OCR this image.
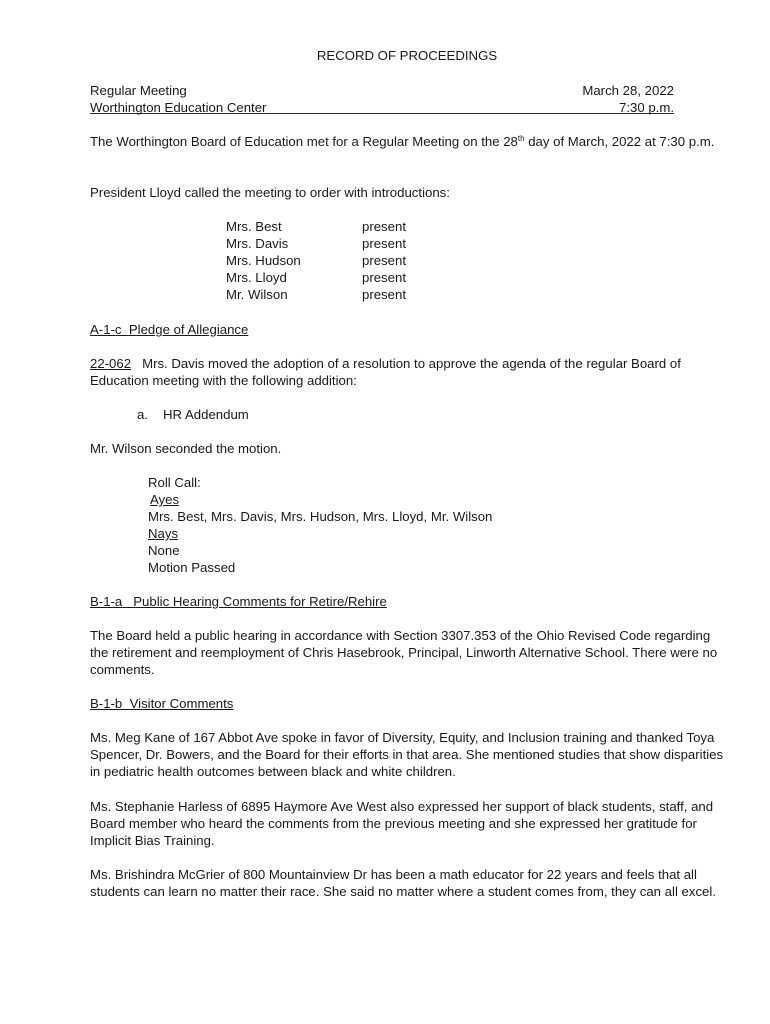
RECORD OF PROCEEDINGS
Regular Meeting
Worthington Education Center
March 28, 2022
7:30 p.m.
The Worthington Board of Education met for a Regular Meeting on the 28th day of March, 2022 at 7:30 p.m.
President Lloyd called the meeting to order with introductions:
Mrs. Best	present
Mrs. Davis	present
Mrs. Hudson	present
Mrs. Lloyd	present
Mr. Wilson	present
A-1-c Pledge of Allegiance
22-062 Mrs. Davis moved the adoption of a resolution to approve the agenda of the regular Board of Education meeting with the following addition:
a. HR Addendum
Mr. Wilson seconded the motion.
Roll Call:
Ayes
Mrs. Best, Mrs. Davis, Mrs. Hudson, Mrs. Lloyd, Mr. Wilson
Nays
None
Motion Passed
B-1-a Public Hearing Comments for Retire/Rehire
The Board held a public hearing in accordance with Section 3307.353 of the Ohio Revised Code regarding the retirement and reemployment of Chris Hasebrook, Principal, Linworth Alternative School. There were no comments.
B-1-b Visitor Comments
Ms. Meg Kane of 167 Abbot Ave spoke in favor of Diversity, Equity, and Inclusion training and thanked Toya Spencer, Dr. Bowers, and the Board for their efforts in that area. She mentioned studies that show disparities in pediatric health outcomes between black and white children.
Ms. Stephanie Harless of 6895 Haymore Ave West also expressed her support of black students, staff, and Board member who heard the comments from the previous meeting and she expressed her gratitude for Implicit Bias Training.
Ms. Brishindra McGrier of 800 Mountainview Dr has been a math educator for 22 years and feels that all students can learn no matter their race. She said no matter where a student comes from, they can all excel.
